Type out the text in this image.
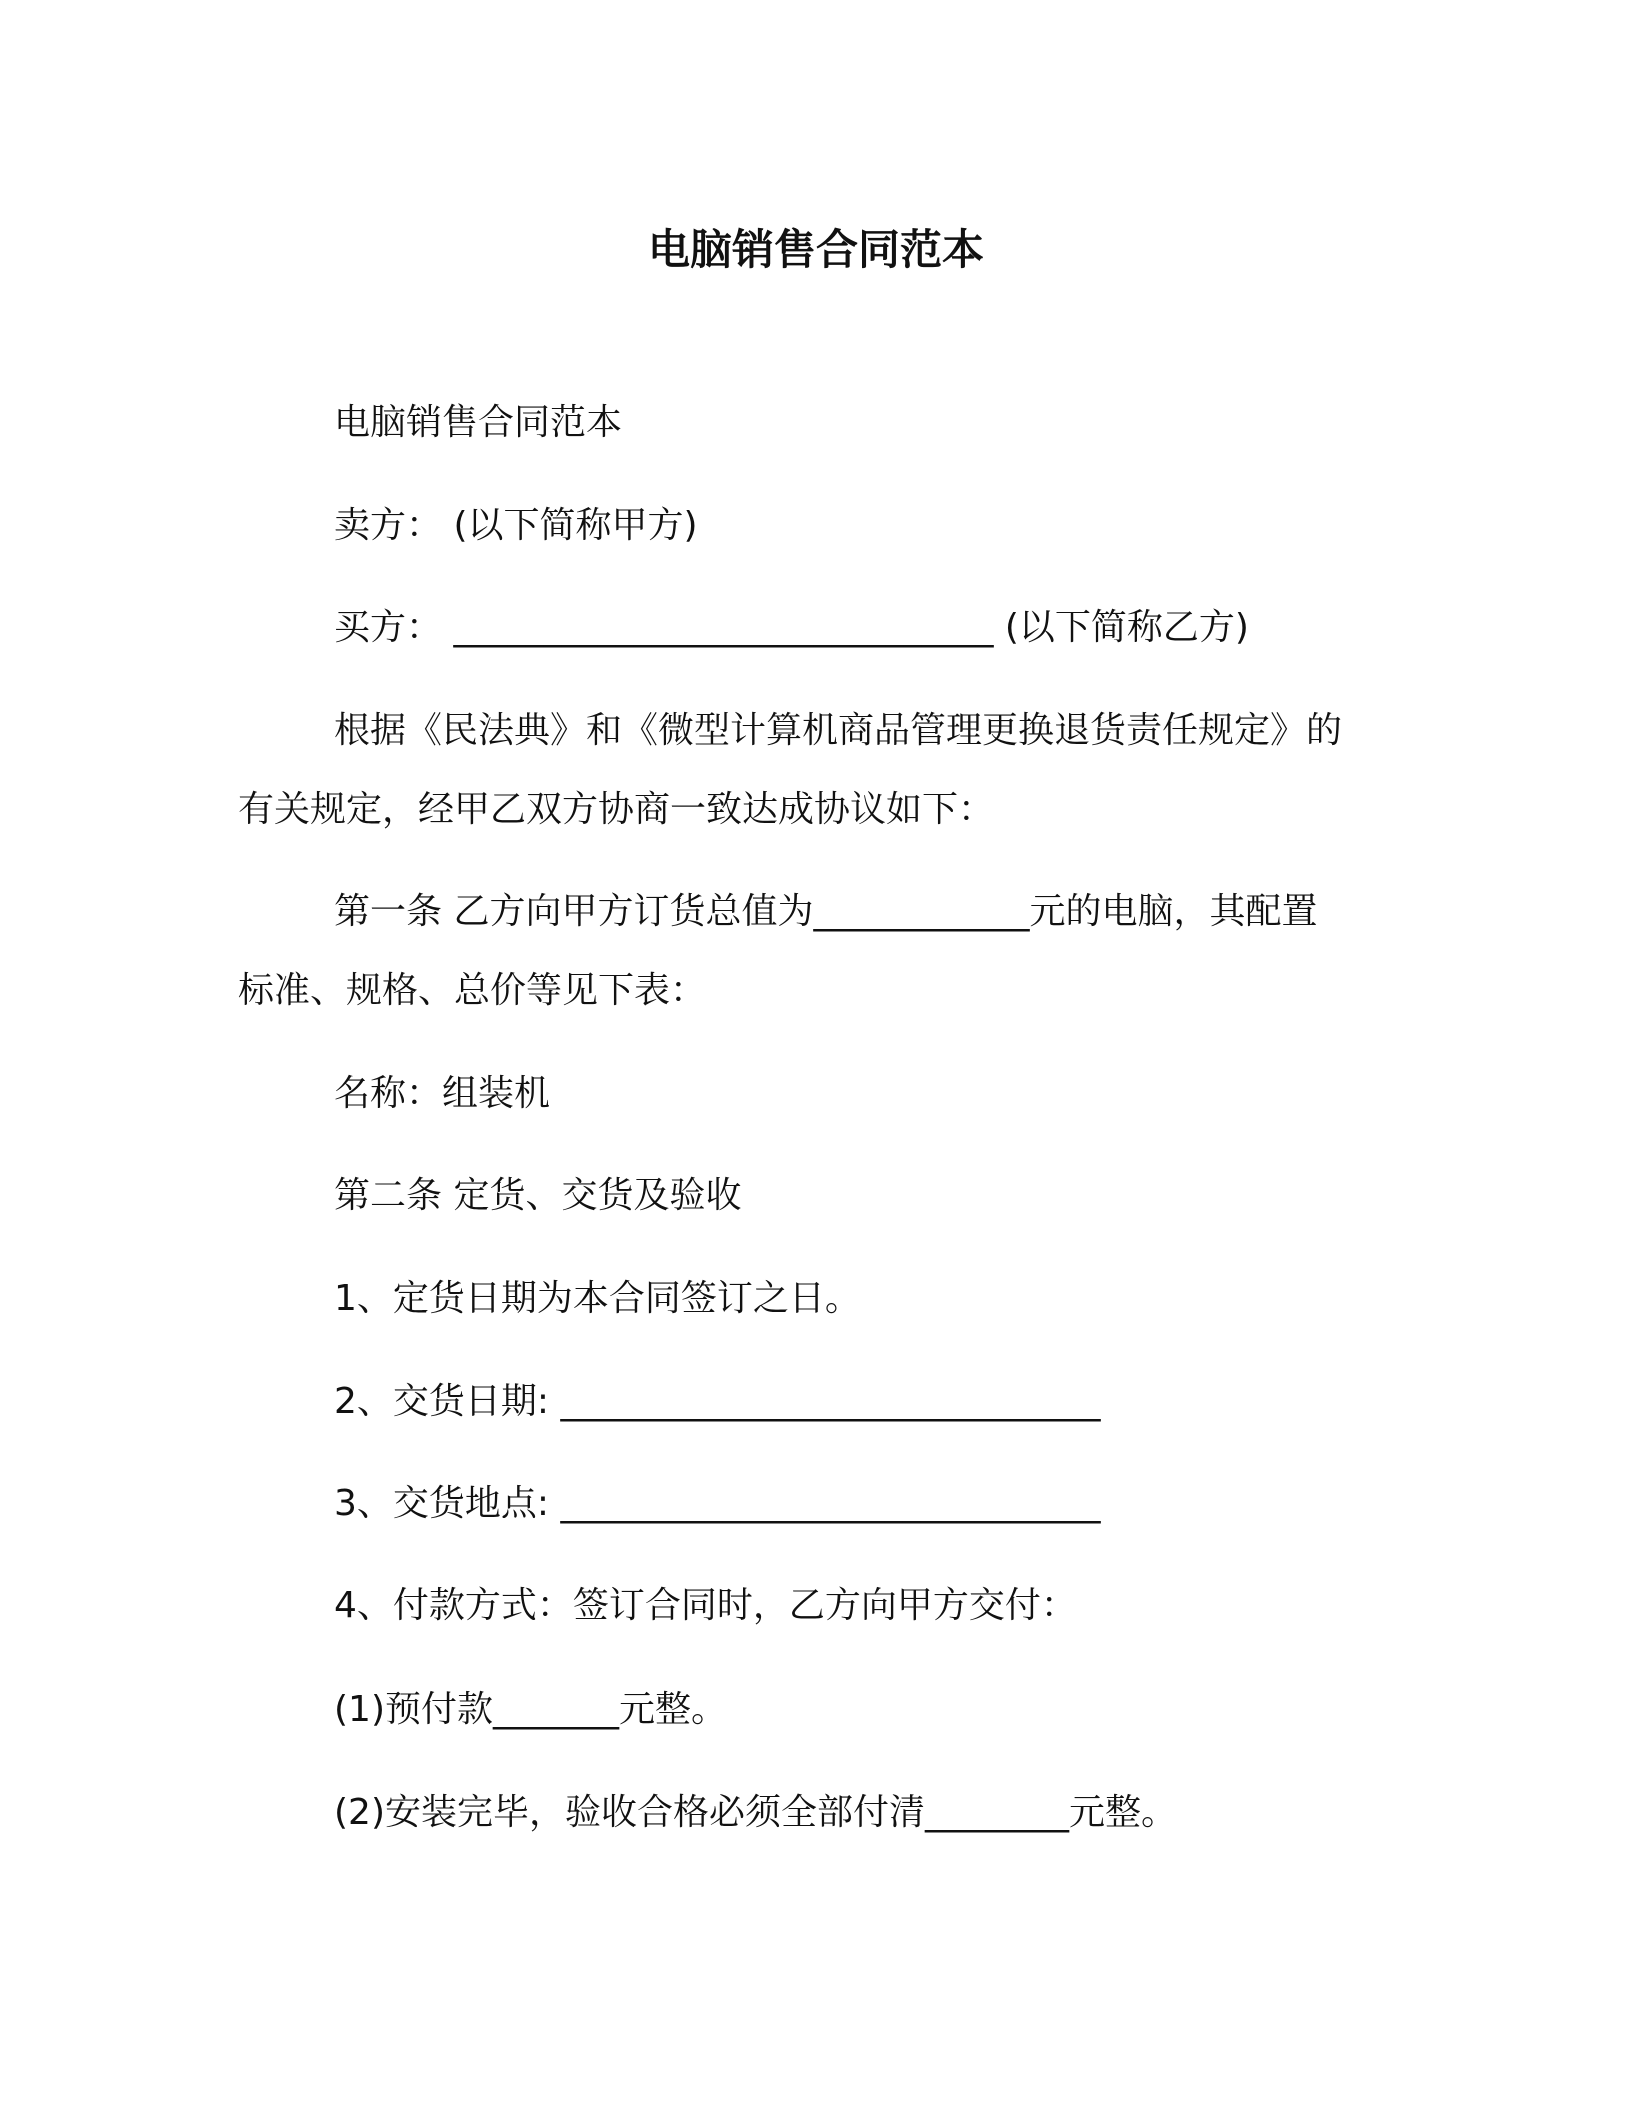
电脑销售合同范本
电脑销售合同范本
卖方： (以下简称甲方)
买方： ______________________________ (以下简称乙方)
根据《民法典》和《微型计算机商品管理更换退货责任规定》的
有关规定，经甲乙双方协商一致达成协议如下：
第一条 乙方向甲方订货总值为____________元的电脑，其配置
标准、规格、总价等见下表：
名称：组装机
第二条 定货、交货及验收
1、定货日期为本合同签订之日。
2、交货日期: ______________________________
3、交货地点: ______________________________
4、付款方式：签订合同时，乙方向甲方交付：
(1)预付款_______元整。
(2)安装完毕，验收合格必须全部付清________元整。
